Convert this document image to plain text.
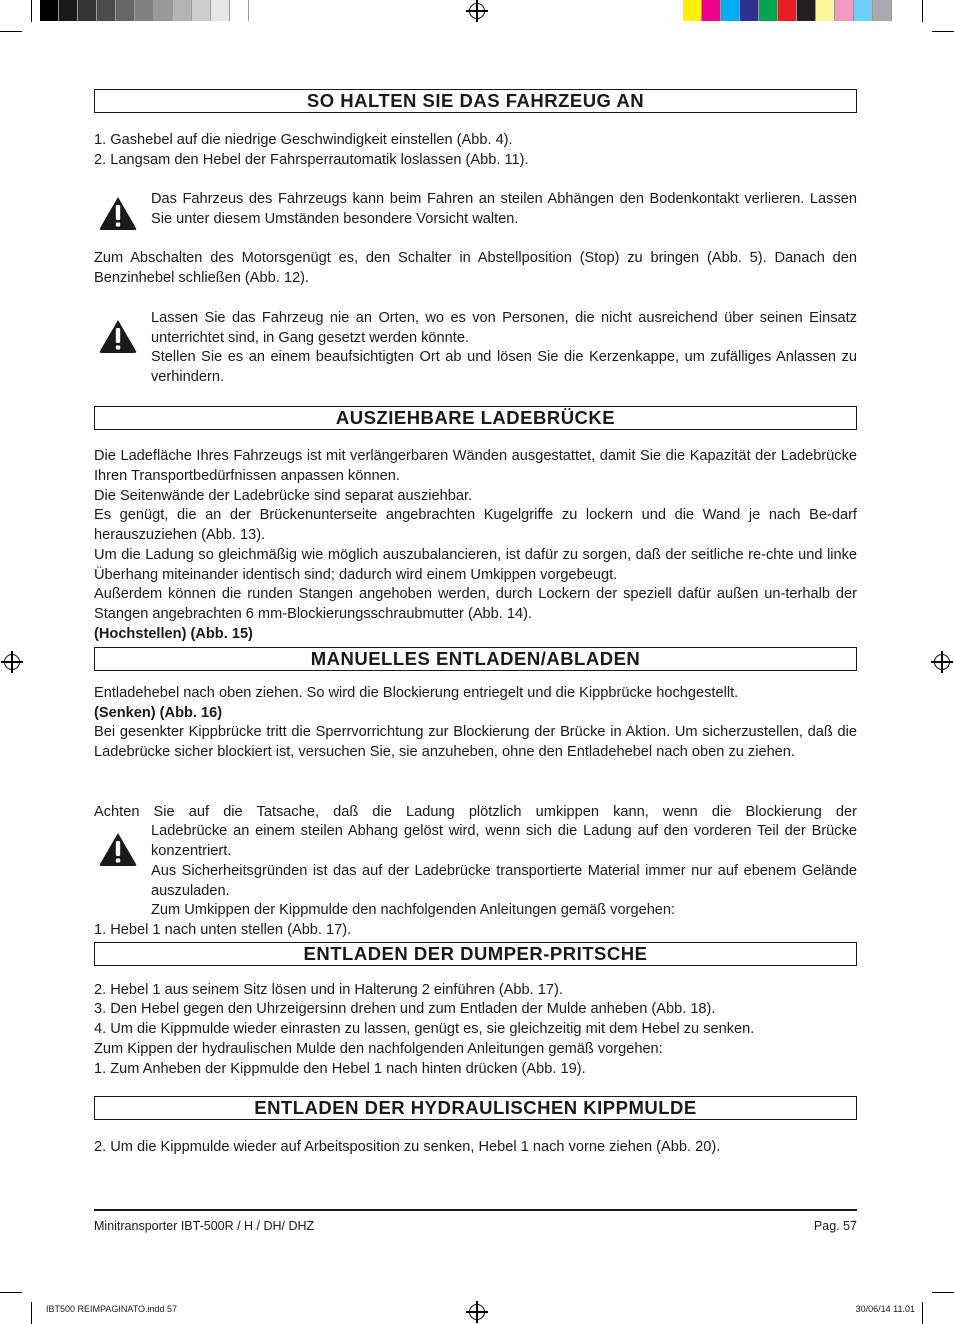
SO HALTEN SIE DAS FAHRZEUG AN
1. Gashebel auf die niedrige Geschwindigkeit einstellen (Abb. 4).
2. Langsam den Hebel der Fahrsperrautomatik loslassen (Abb. 11).
Das Fahrzeus des Fahrzeugs kann beim Fahren an steilen Abhängen den Bodenkontakt verlieren. Lassen Sie unter diesem Umständen besondere Vorsicht walten.
Zum Abschalten des Motorsgenügt es, den Schalter in Abstellposition (Stop) zu bringen (Abb. 5). Danach den Benzinhebel schließen (Abb. 12).
Lassen Sie das Fahrzeug nie an Orten, wo es von Personen, die nicht ausreichend über seinen Einsatz unterrichtet sind, in Gang gesetzt werden könnte.
Stellen Sie es an einem beaufsichtigten Ort ab und lösen Sie die Kerzenkappe, um zufälliges Anlassen zu verhindern.
AUSZIEHBARE LADEBRÜCKE
Die Ladefläche Ihres Fahrzeugs ist mit verlängerbaren Wänden ausgestattet, damit Sie die Kapazität der Ladebrücke Ihren Transportbedürfnissen anpassen können.
Die Seitenwände der Ladebrücke sind separat ausziehbar.
Es genügt, die an der Brückenunterseite angebrachten Kugelgriffe zu lockern und die Wand je nach Be-darf herauszuziehen (Abb. 13).
Um die Ladung so gleichmäßig wie möglich auszubalancieren, ist dafür zu sorgen, daß der seitliche re-chte und linke Überhang miteinander identisch sind; dadurch wird einem Umkippen vorgebeugt.
Außerdem können die runden Stangen angehoben werden, durch Lockern der speziell dafür außen un-terhalb der Stangen angebrachten 6 mm-Blockierungsschraubmutter (Abb. 14).
(Hochstellen) (Abb. 15)
MANUELLES ENTLADEN/ABLADEN
Entladehebel nach oben ziehen. So wird die Blockierung entriegelt und die Kippbrücke hochgestellt.
(Senken) (Abb. 16)
Bei gesenkter Kippbrücke tritt die Sperrvorrichtung zur Blockierung der Brücke in Aktion. Um sicherzustellen, daß die Ladebrücke sicher blockiert ist, versuchen Sie, sie anzuheben, ohne den Entladehebel nach oben zu ziehen.
Achten Sie auf die Tatsache, daß die Ladung plötzlich umkippen kann, wenn die Blockierung der
Ladebrücke an einem steilen Abhang gelöst wird, wenn sich die Ladung auf den vorderen Teil der Brücke konzentriert.
Aus Sicherheitsgründen ist das auf der Ladebrücke transportierte Material immer nur auf ebenem Gelände auszuladen.
Zum Umkippen der Kippmulde den nachfolgenden Anleitungen gemäß vorgehen:
1. Hebel 1 nach unten stellen (Abb. 17).
ENTLADEN DER DUMPER-PRITSCHE
2. Hebel 1 aus seinem Sitz lösen und in Halterung 2 einführen (Abb. 17).
3. Den Hebel gegen den Uhrzeigersinn drehen und zum Entladen der Mulde anheben (Abb. 18).
4. Um die Kippmulde wieder einrasten zu lassen, genügt es, sie gleichzeitig mit dem Hebel zu senken.
Zum Kippen der hydraulischen Mulde den nachfolgenden Anleitungen gemäß vorgehen:
1. Zum Anheben der Kippmulde den Hebel 1 nach hinten drücken (Abb. 19).
ENTLADEN DER HYDRAULISCHEN KIPPMULDE
2. Um die Kippmulde wieder auf Arbeitsposition zu senken, Hebel 1 nach vorne ziehen (Abb. 20).
Minitransporter IBT-500R / H / DH/ DHZ	Pag. 57
IBT500 REIMPAGINATO.indd 57	30/06/14 11.01
